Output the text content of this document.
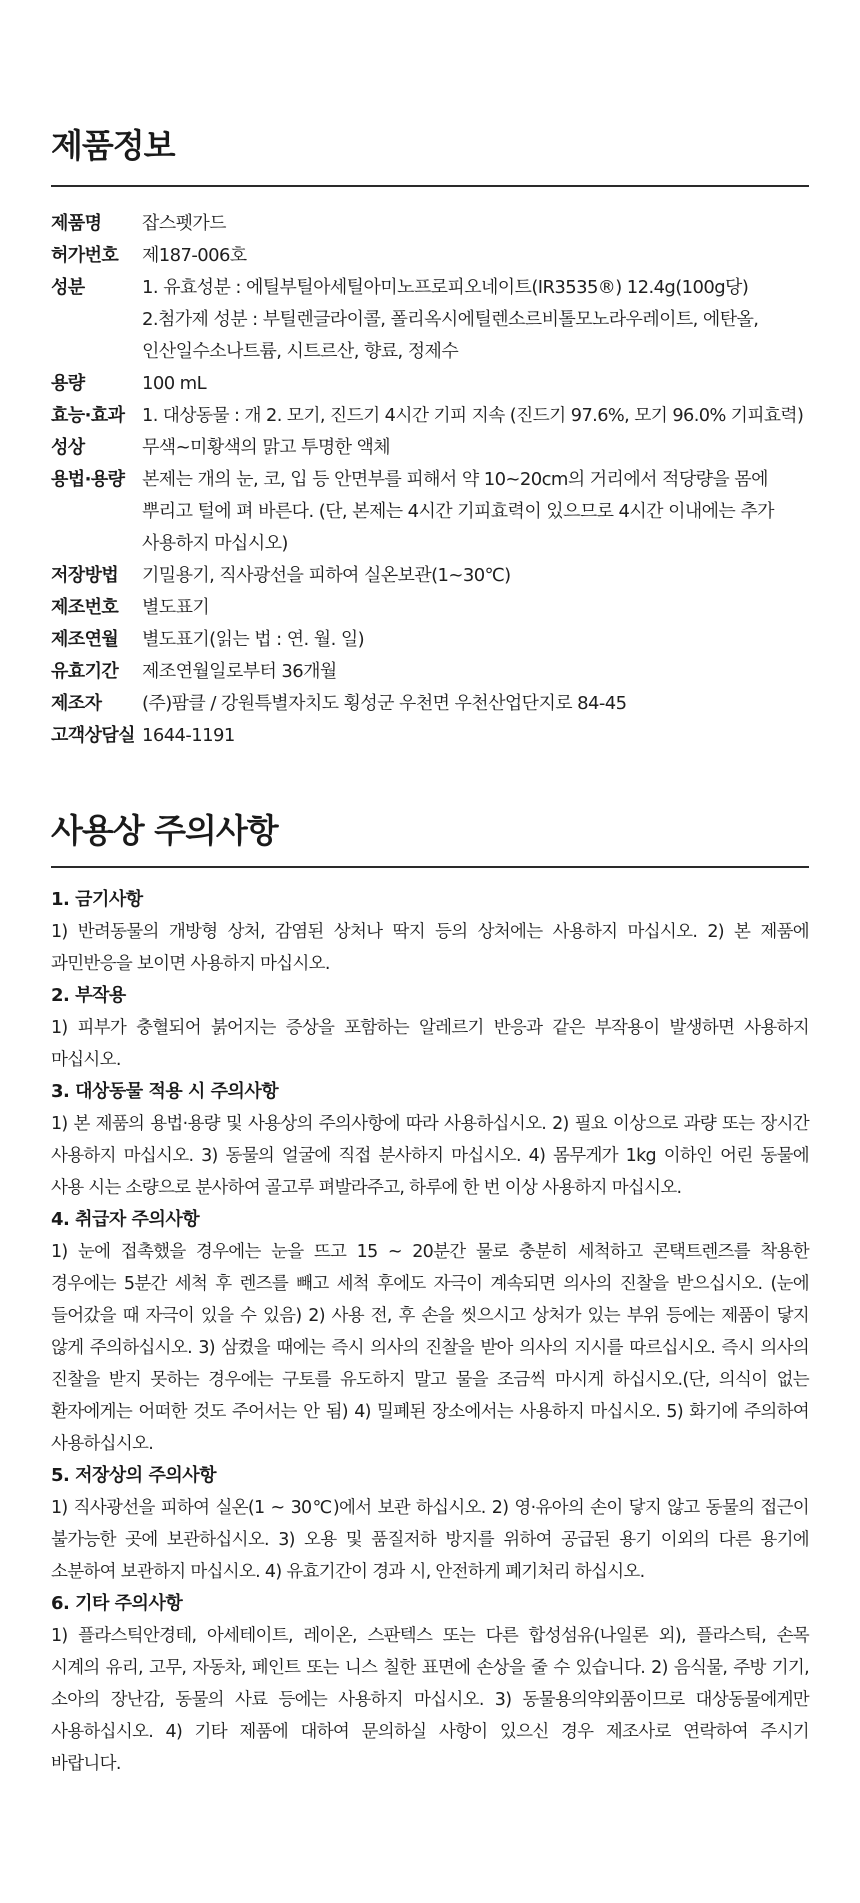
제품정보
제품명	잡스펫가드
허가번호	제187-006호
성분	1. 유효성분 : 에틸부틸아세틸아미노프로피오네이트(IR3535®) 12.4g(100g당)
2.첨가제 성분 : 부틸렌글라이콜, 폴리옥시에틸렌소르비톨모노라우레이트, 에탄올,
인산일수소나트륨, 시트르산, 향료, 정제수
용량	100 mL
효능·효과 1. 대상동물 : 개 2. 모기, 진드기 4시간 기피 지속 (진드기 97.6%, 모기 96.0% 기피효력)
성상	무색~미황색의 맑고 투명한 액체
용법·용량 본제는 개의 눈, 코, 입 등 안면부를 피해서 약 10~20cm의 거리에서 적당량을 몸에
뿌리고 털에 펴 바른다. (단, 본제는 4시간 기피효력이 있으므로 4시간 이내에는 추가
사용하지 마십시오)
저장방법	기밀용기, 직사광선을 피하여 실온보관(1~30℃)
제조번호	별도표기
제조연월	별도표기(읽는 법 : 연. 월. 일)
유효기간	제조연월일로부터 36개월
제조자	(주)팜클 / 강원특별자치도 횡성군 우천면 우천산업단지로 84-45
고객상담실 1644-1191
사용상 주의사항
1. 금기사항
1) 반려동물의 개방형 상처, 감염된 상처나 딱지 등의 상처에는 사용하지 마십시오. 2) 본 제품에
과민반응을 보이면 사용하지 마십시오.
2. 부작용
1) 피부가 충혈되어 붉어지는 증상을 포함하는 알레르기 반응과 같은 부작용이 발생하면 사용하지
마십시오.
3. 대상동물 적용 시 주의사항
1) 본 제품의 용법·용량 및 사용상의 주의사항에 따라 사용하십시오. 2) 필요 이상으로 과량 또는 장시간
사용하지 마십시오. 3) 동물의 얼굴에 직접 분사하지 마십시오. 4) 몸무게가 1kg 이하인 어린 동물에
사용 시는 소량으로 분사하여 골고루 펴발라주고, 하루에 한 번 이상 사용하지 마십시오.
4. 취급자 주의사항
1) 눈에 접촉했을 경우에는 눈을 뜨고 15 ~ 20분간 물로 충분히 세척하고 콘택트렌즈를 착용한
경우에는 5분간 세척 후 렌즈를 빼고 세척 후에도 자극이 계속되면 의사의 진찰을 받으십시오. (눈에
들어갔을 때 자극이 있을 수 있음) 2) 사용 전, 후 손을 씻으시고 상처가 있는 부위 등에는 제품이 닿지
않게 주의하십시오. 3) 삼켰을 때에는 즉시 의사의 진찰을 받아 의사의 지시를 따르십시오. 즉시 의사의
진찰을 받지 못하는 경우에는 구토를 유도하지 말고 물을 조금씩 마시게 하십시오.(단, 의식이 없는
환자에게는 어떠한 것도 주어서는 안 됨) 4) 밀폐된 장소에서는 사용하지 마십시오. 5) 화기에 주의하여
사용하십시오.
5. 저장상의 주의사항
1) 직사광선을 피하여 실온(1 ~ 30℃)에서 보관 하십시오. 2) 영·유아의 손이 닿지 않고 동물의 접근이
불가능한 곳에 보관하십시오. 3) 오용 및 품질저하 방지를 위하여 공급된 용기 이외의 다른 용기에
소분하여 보관하지 마십시오. 4) 유효기간이 경과 시, 안전하게 폐기처리 하십시오.
6. 기타 주의사항
1) 플라스틱안경테, 아세테이트, 레이온, 스판텍스 또는 다른 합성섬유(나일론 외), 플라스틱, 손목
시계의 유리, 고무, 자동차, 페인트 또는 니스 칠한 표면에 손상을 줄 수 있습니다. 2) 음식물, 주방 기기,
소아의 장난감, 동물의 사료 등에는 사용하지 마십시오. 3) 동물용의약외품이므로 대상동물에게만
사용하십시오. 4) 기타 제품에 대하여 문의하실 사항이 있으신 경우 제조사로 연락하여 주시기
바랍니다.
